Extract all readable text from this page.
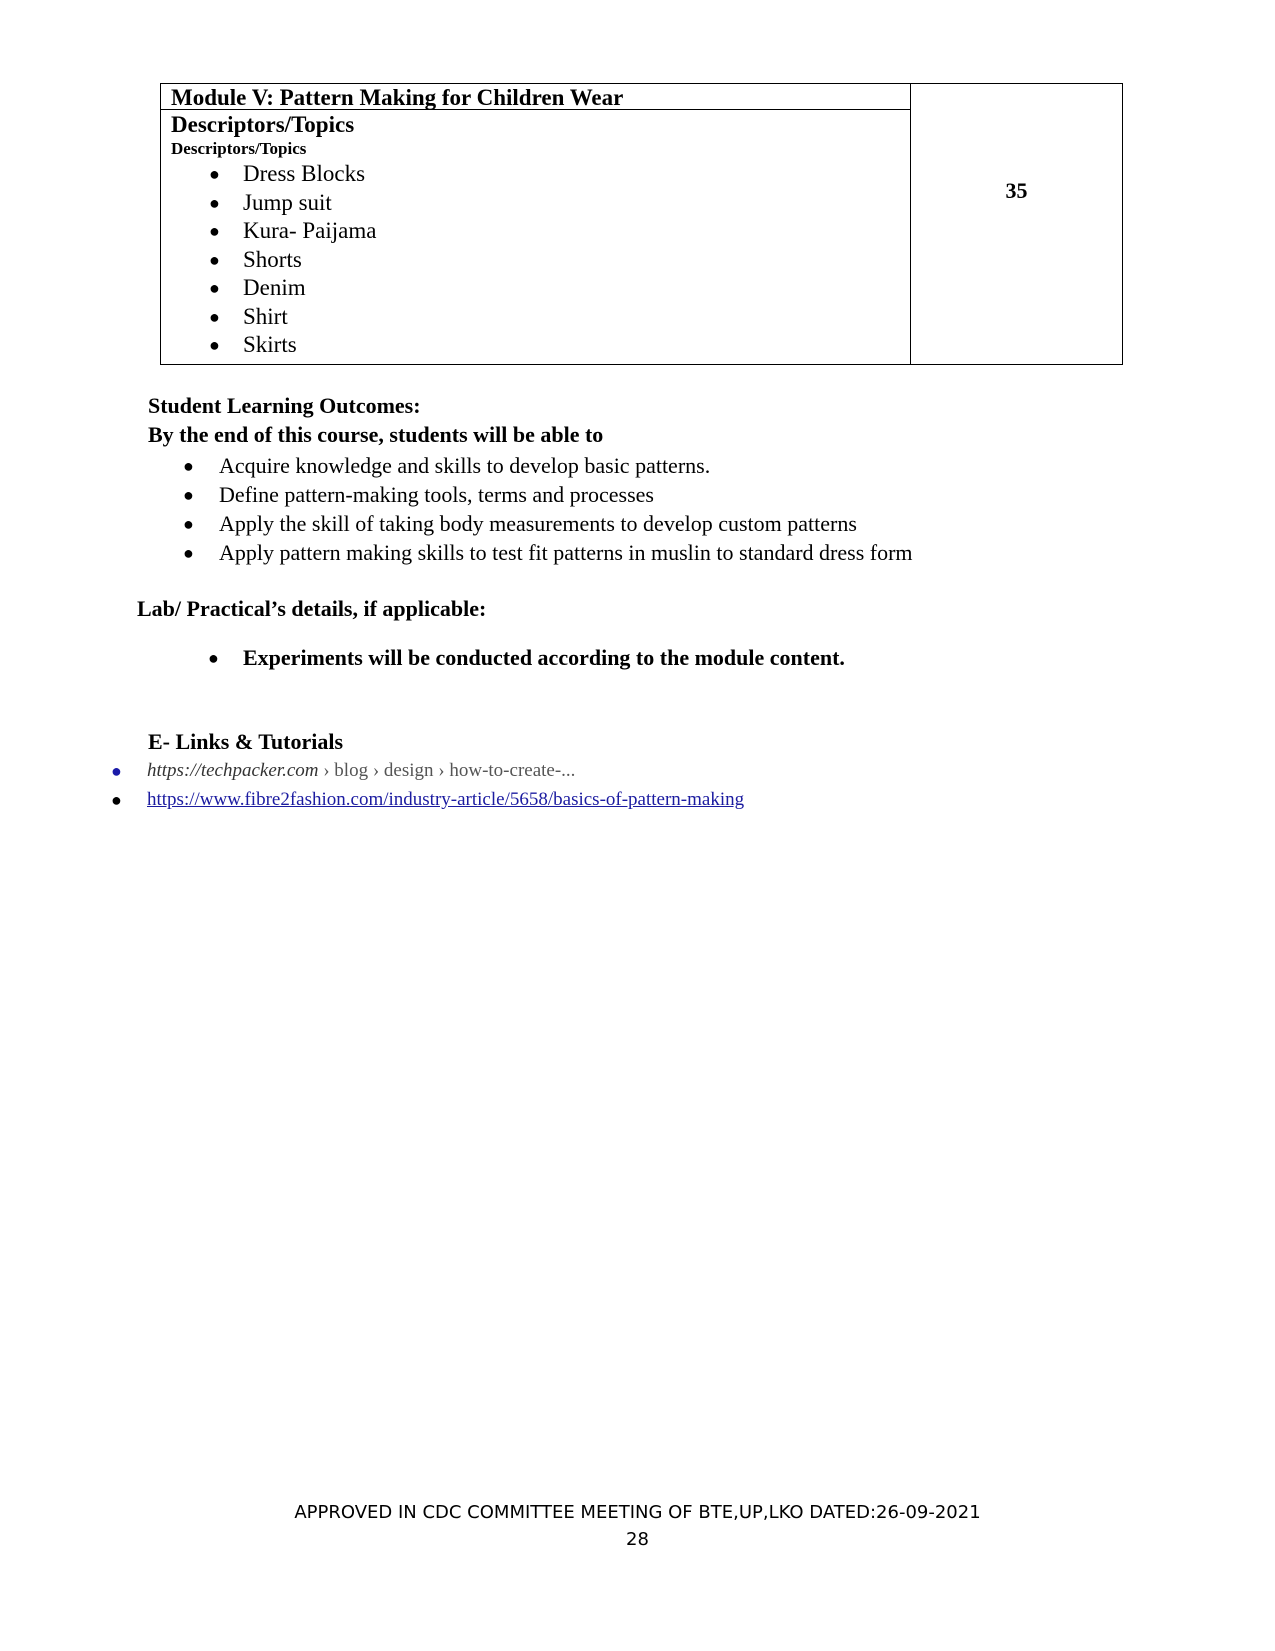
Module V: Pattern Making for Children Wear
Descriptors/Topics
Descriptors/Topics
● Dress Blocks
● Jump suit
● Kura- Paijama
● Shorts
● Denim
● Shirt
● Skirts
35
Student Learning Outcomes:
By the end of this course, students will be able to
● Acquire knowledge and skills to develop basic patterns.
● Define pattern-making tools, terms and processes
● Apply the skill of taking body measurements to develop custom patterns
● Apply pattern making skills to test fit patterns in muslin to standard dress form
Lab/ Practical’s details, if applicable:
● Experiments will be conducted according to the module content.
E- Links & Tutorials
● https://techpacker.com › blog › design › how-to-create-...
● https://www.fibre2fashion.com/industry-article/5658/basics-of-pattern-making
APPROVED IN CDC COMMITTEE MEETING OF BTE,UP,LKO DATED:26-09-2021
28
